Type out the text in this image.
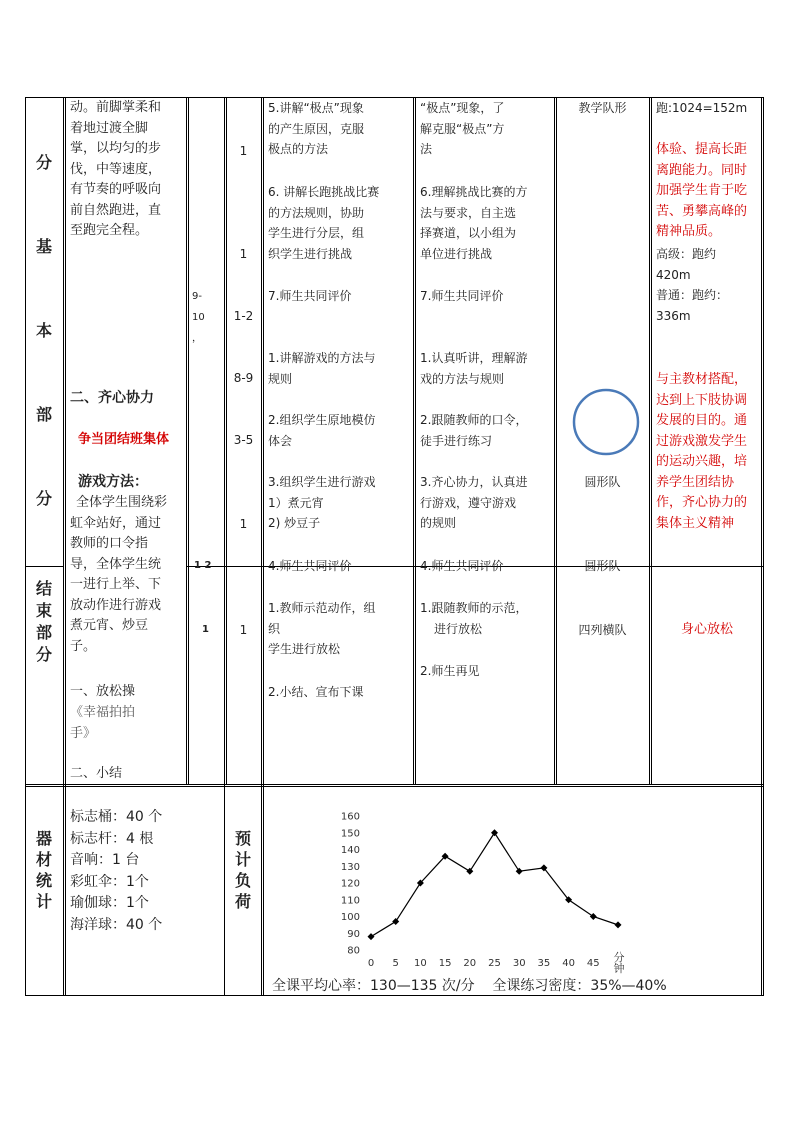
分
基
本
部
分
动。前脚掌柔和
着地过渡全脚
掌，以均匀的步
伐，中等速度，
有节奏的呼吸向
前自然跑进，直
至跑完全程。
二、齐心协力
争当团结班集体
游戏方法：
全体学生围绕彩
虹伞站好，通过
教师的口令指
导，全体学生统
一进行上举、下
放动作进行游戏
煮元宵、炒豆
子。
9-
10
，
1
1
1-2
8-9
3-5
1
5.讲解“极点”现象
的产生原因，克服
极点的方法
6. 讲解长跑挑战比赛
的方法规则，协助
学生进行分层，组
织学生进行挑战
7.师生共同评价
1.讲解游戏的方法与
规则
2.组织学生原地模仿
体会
3.组织学生进行游戏
1）煮元宵
2) 炒豆子
4.师生共同评价
“极点”现象，了
解克服“极点”方
法
6.理解挑战比赛的方
法与要求，自主选
择赛道，以小组为
单位进行挑战
7.师生共同评价
1.认真听讲，理解游
戏的方法与规则
2.跟随教师的口令，
徒手进行练习
3.齐心协力，认真进
行游戏，遵守游戏
的规则
4.师生共同评价
教学队形
圆形队
圆形队
跑:1024=152m
体验、提高长距
离跑能力。同时
加强学生肯于吃
苦、勇攀高峰的
精神品质。
高级：跑约
420m
普通：跑约：
336m
与主教材搭配，
达到上下肢协调
发展的目的。通
过游戏激发学生
的运动兴趣，培
养学生团结协
作，齐心协力的
集体主义精神
结
束
部
分
一、放松操
《幸福拍拍
手》
二、小结
1 2
1	1
1.教师示范动作，组
织
学生进行放松
2.小结、宣布下课
1.跟随教师的示范，
进行放松
2.师生再见
四列横队	身心放松
器
材
统
计
标志桶：40 个
标志杆：4 根
音响：1 台
彩虹伞：1个
瑜伽球：1个
海洋球：40 个
预
计
负
荷
80
90
100
110
120
130
140
150
160
0 5 10 15 20 25 30 35 40 45 分
钟
全课平均心率：130—135 次/分    全课练习密度：35%—40%
